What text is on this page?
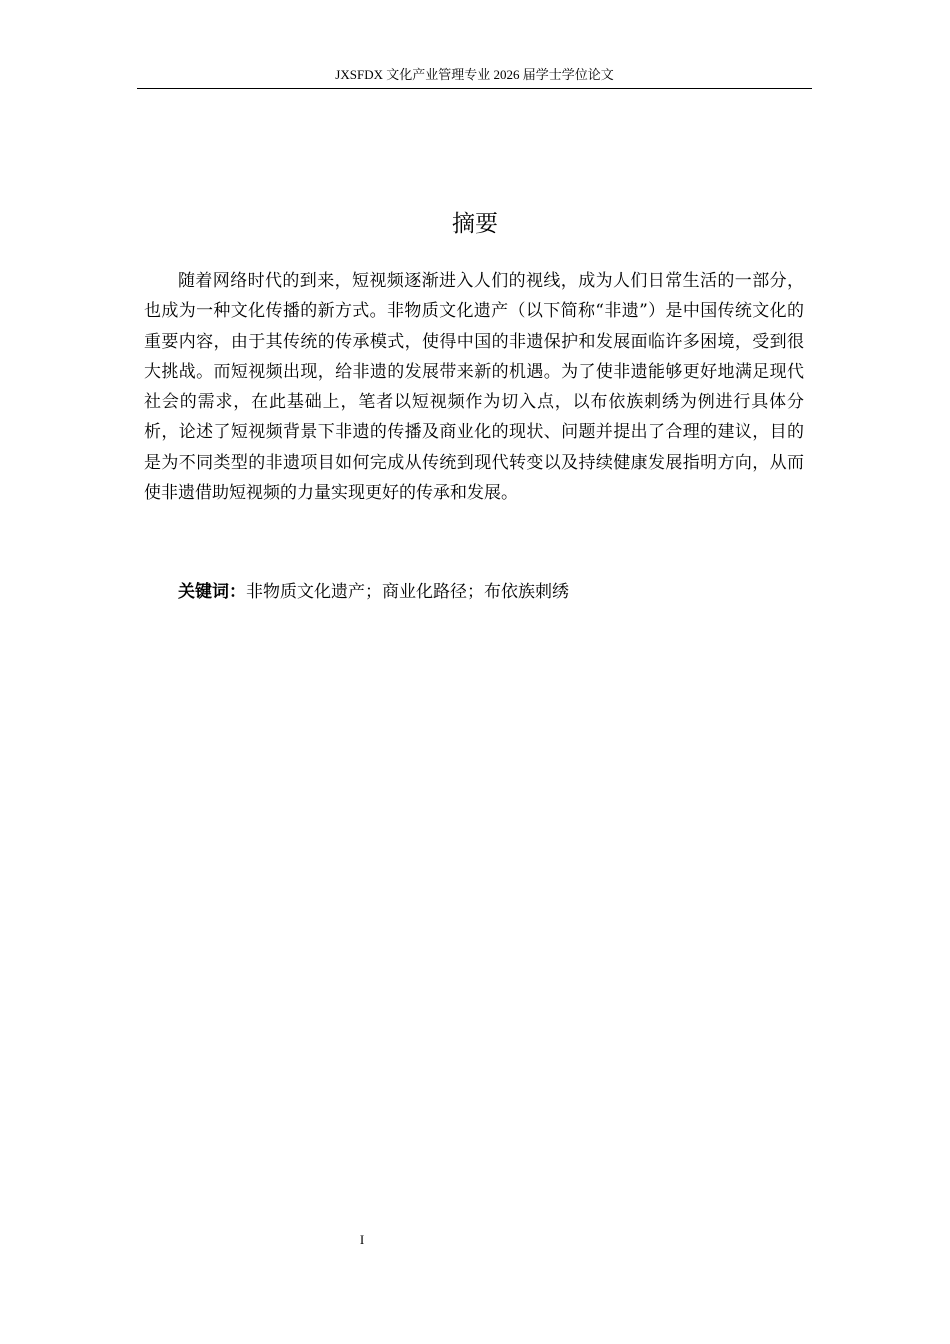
JXSFDX 文化产业管理专业 2026 届学士学位论文
摘要

随着网络时代的到来，短视频逐渐进入人们的视线，成为人们日常生活的一部分，也成为一种文化传播的新方式。非物质文化遗产（以下简称“非遗”）是中国传统文化的重要内容，由于其传统的传承模式，使得中国的非遗保护和发展面临许多困境，受到很大挑战。而短视频出现，给非遗的发展带来新的机遇。为了使非遗能够更好地满足现代社会的需求，在此基础上，笔者以短视频作为切入点，以布依族刺绣为例进行具体分析，论述了短视频背景下非遗的传播及商业化的现状、问题并提出了合理的建议，目的是为不同类型的非遗项目如何完成从传统到现代转变以及持续健康发展指明方向，从而使非遗借助短视频的力量实现更好的传承和发展。

关键词：非物质文化遗产；商业化路径；布依族刺绣
I
